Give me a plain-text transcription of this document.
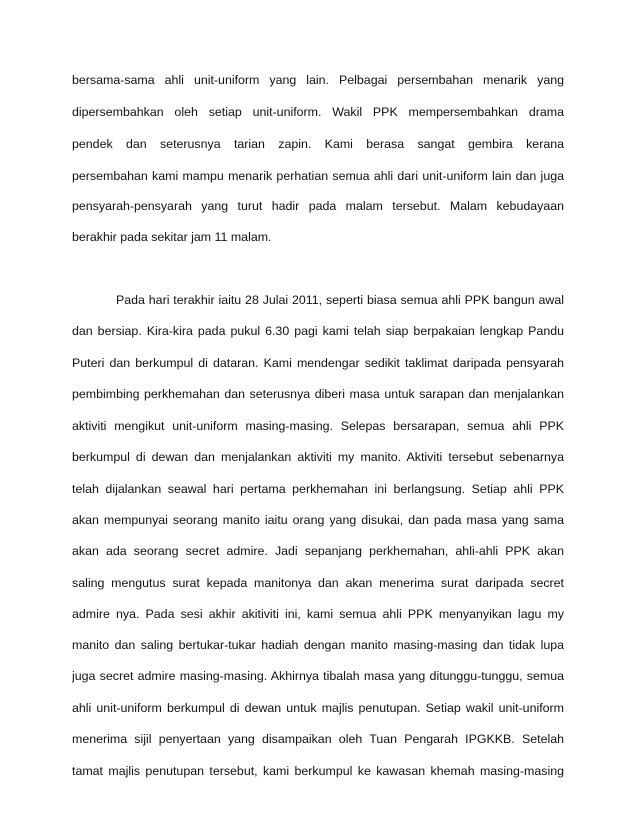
bersama-sama ahli unit-uniform yang lain. Pelbagai persembahan menarik yang
dipersembahkan oleh setiap unit-uniform. Wakil PPK mempersembahkan drama
pendek dan seterusnya tarian zapin. Kami berasa sangat gembira kerana
persembahan kami mampu menarik perhatian semua ahli dari unit-uniform lain dan juga
pensyarah-pensyarah yang turut hadir pada malam tersebut. Malam kebudayaan
berakhir pada sekitar jam 11 malam.
Pada hari terakhir iaitu 28 Julai 2011, seperti biasa semua ahli PPK bangun awal
dan bersiap. Kira-kira pada pukul 6.30 pagi kami telah siap berpakaian lengkap Pandu
Puteri dan berkumpul di dataran. Kami mendengar sedikit taklimat daripada pensyarah
pembimbing perkhemahan dan seterusnya diberi masa untuk sarapan dan menjalankan
aktiviti mengikut unit-uniform masing-masing. Selepas bersarapan, semua ahli PPK
berkumpul di dewan dan menjalankan aktiviti my manito. Aktiviti tersebut sebenarnya
telah dijalankan seawal hari pertama perkhemahan ini berlangsung. Setiap ahli PPK
akan mempunyai seorang manito iaitu orang yang disukai, dan pada masa yang sama
akan ada seorang secret admire. Jadi sepanjang perkhemahan, ahli-ahli PPK akan
saling mengutus surat kepada manitonya dan akan menerima surat daripada secret
admire nya. Pada sesi akhir akitiviti ini, kami semua ahli PPK menyanyikan lagu my
manito dan saling bertukar-tukar hadiah dengan manito masing-masing dan tidak lupa
juga secret admire masing-masing. Akhirnya tibalah masa yang ditunggu-tunggu, semua
ahli unit-uniform berkumpul di dewan untuk majlis penutupan. Setiap wakil unit-uniform
menerima sijil penyertaan yang disampaikan oleh Tuan Pengarah IPGKKB. Setelah
tamat majlis penutupan tersebut, kami berkumpul ke kawasan khemah masing-masing
